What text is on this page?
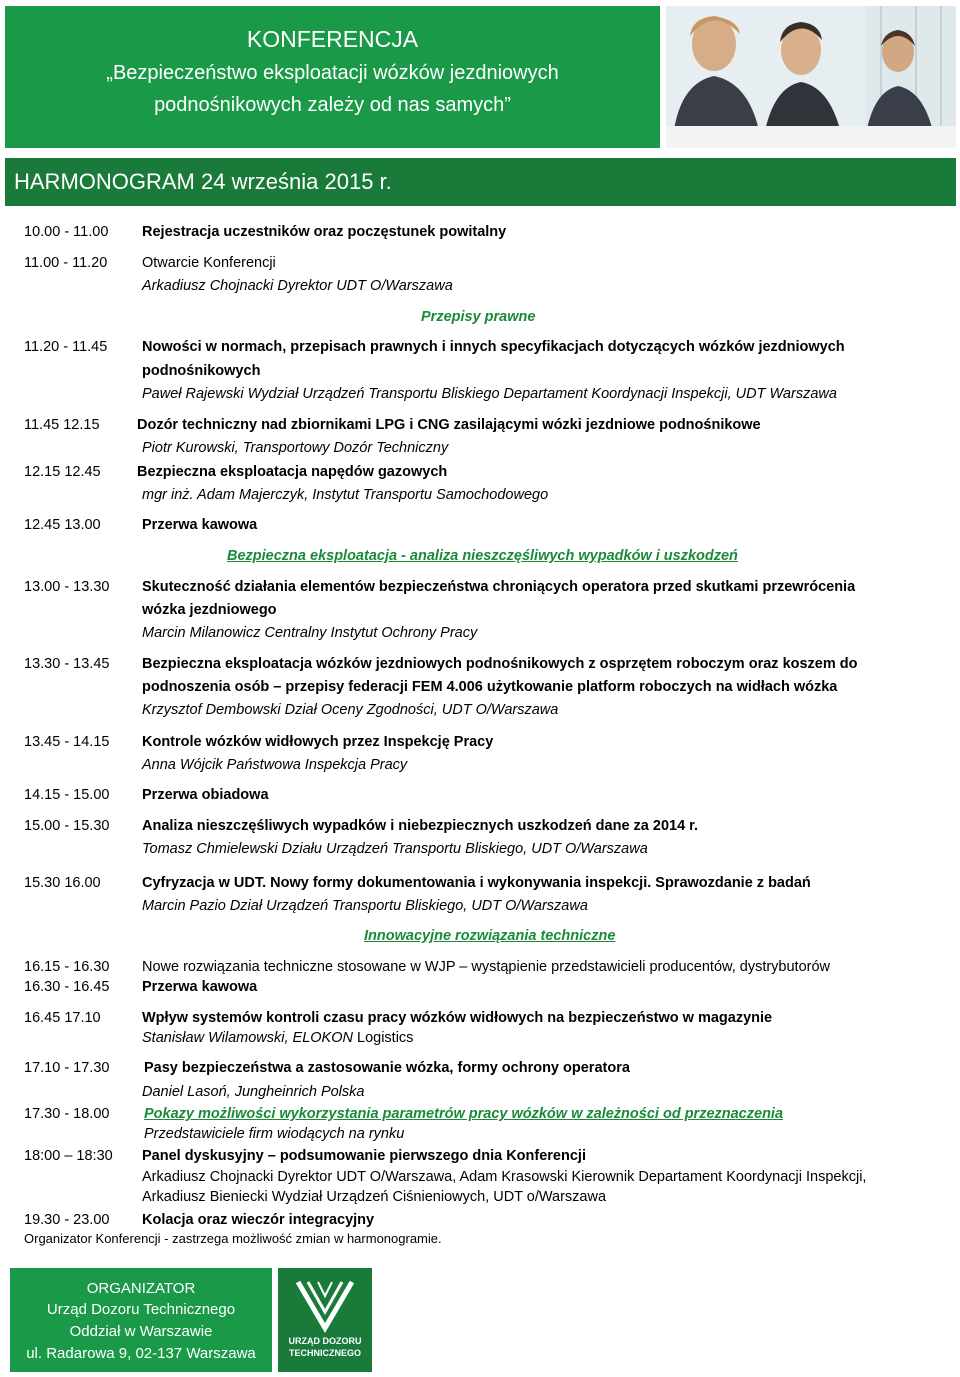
KONFERENCJA
„Bezpieczeństwo eksploatacji wózków jezdniowych
podnośnikowych zależy od nas samych”
HARMONOGRAM 24 września 2015 r.
10.00 - 11.00 Rejestracja uczestników oraz poczęstunek powitalny
11.00 - 11.20 Otwarcie Konferencji
Arkadiusz Chojnacki Dyrektor UDT O/Warszawa
Przepisy prawne
11.20 - 11.45 Nowości w normach, przepisach prawnych i innych specyfikacjach dotyczących wózków jezdniowych
podnośnikowych
Paweł Rajewski Wydział Urządzeń Transportu Bliskiego Departament Koordynacji Inspekcji, UDT Warszawa
11.45 12.15	Dozór techniczny nad zbiornikami LPG i CNG zasilającymi wózki jezdniowe podnośnikowe
Piotr Kurowski, Transportowy Dozór Techniczny
12.15 12.45	Bezpieczna eksploatacja napędów gazowych
mgr inż. Adam Majerczyk, Instytut Transportu Samochodowego
12.45 13.00	Przerwa kawowa
Bezpieczna eksploatacja - analiza nieszczęśliwych wypadków i uszkodzeń
13.00 - 13.30 Skuteczność działania elementów bezpieczeństwa chroniących operatora przed skutkami przewrócenia
wózka jezdniowego
Marcin Milanowicz Centralny Instytut Ochrony Pracy
13.30 - 13.45 Bezpieczna eksploatacja wózków jezdniowych podnośnikowych z osprzętem roboczym oraz koszem do
podnoszenia osób – przepisy federacji FEM 4.006 użytkowanie platform roboczych na widłach wózka
Krzysztof Dembowski Dział Oceny Zgodności, UDT O/Warszawa
13.45 - 14.15 Kontrole wózków widłowych przez Inspekcję Pracy
Anna Wójcik Państwowa Inspekcja Pracy
14.15 - 15.00 Przerwa obiadowa
15.00 - 15.30 Analiza nieszczęśliwych wypadków i niebezpiecznych uszkodzeń dane za 2014 r.
Tomasz Chmielewski Działu Urządzeń Transportu Bliskiego, UDT O/Warszawa
15.30 16.00	Cyfryzacja w UDT. Nowy formy dokumentowania i wykonywania inspekcji. Sprawozdanie z badań
Marcin Pazio Dział Urządzeń Transportu Bliskiego, UDT O/Warszawa
Innowacyjne rozwiązania techniczne
16.15 - 16.30 Nowe rozwiązania techniczne stosowane w WJP – wystąpienie przedstawicieli producentów, dystrybutorów
16.30 - 16.45 Przerwa kawowa
16.45 17.10	Wpływ systemów kontroli czasu pracy wózków widłowych na bezpieczeństwo w magazynie
Stanisław Wilamowski, ELOKON Logistics
17.10 - 17.30 Pasy bezpieczeństwa a zastosowanie wózka, formy ochrony operatora
Daniel Lasoń, Jungheinrich Polska
17.30 - 18.00 Pokazy możliwości wykorzystania parametrów pracy wózków w zależności od przeznaczenia
Przedstawiciele firm wiodących na rynku
18:00 – 18:30 Panel dyskusyjny – podsumowanie pierwszego dnia Konferencji
Arkadiusz Chojnacki Dyrektor UDT O/Warszawa, Adam Krasowski Kierownik Departament Koordynacji Inspekcji,
Arkadiusz Bieniecki Wydział Urządzeń Ciśnieniowych, UDT o/Warszawa
19.30 - 23.00 Kolacja oraz wieczór integracyjny
Organizator Konferencji - zastrzega możliwość zmian w harmonogramie.
ORGANIZATOR
Urząd Dozoru Technicznego
Oddział w Warszawie
ul. Radarowa 9, 02-137 Warszawa
URZĄD DOZORU
TECHNICZNEGO
